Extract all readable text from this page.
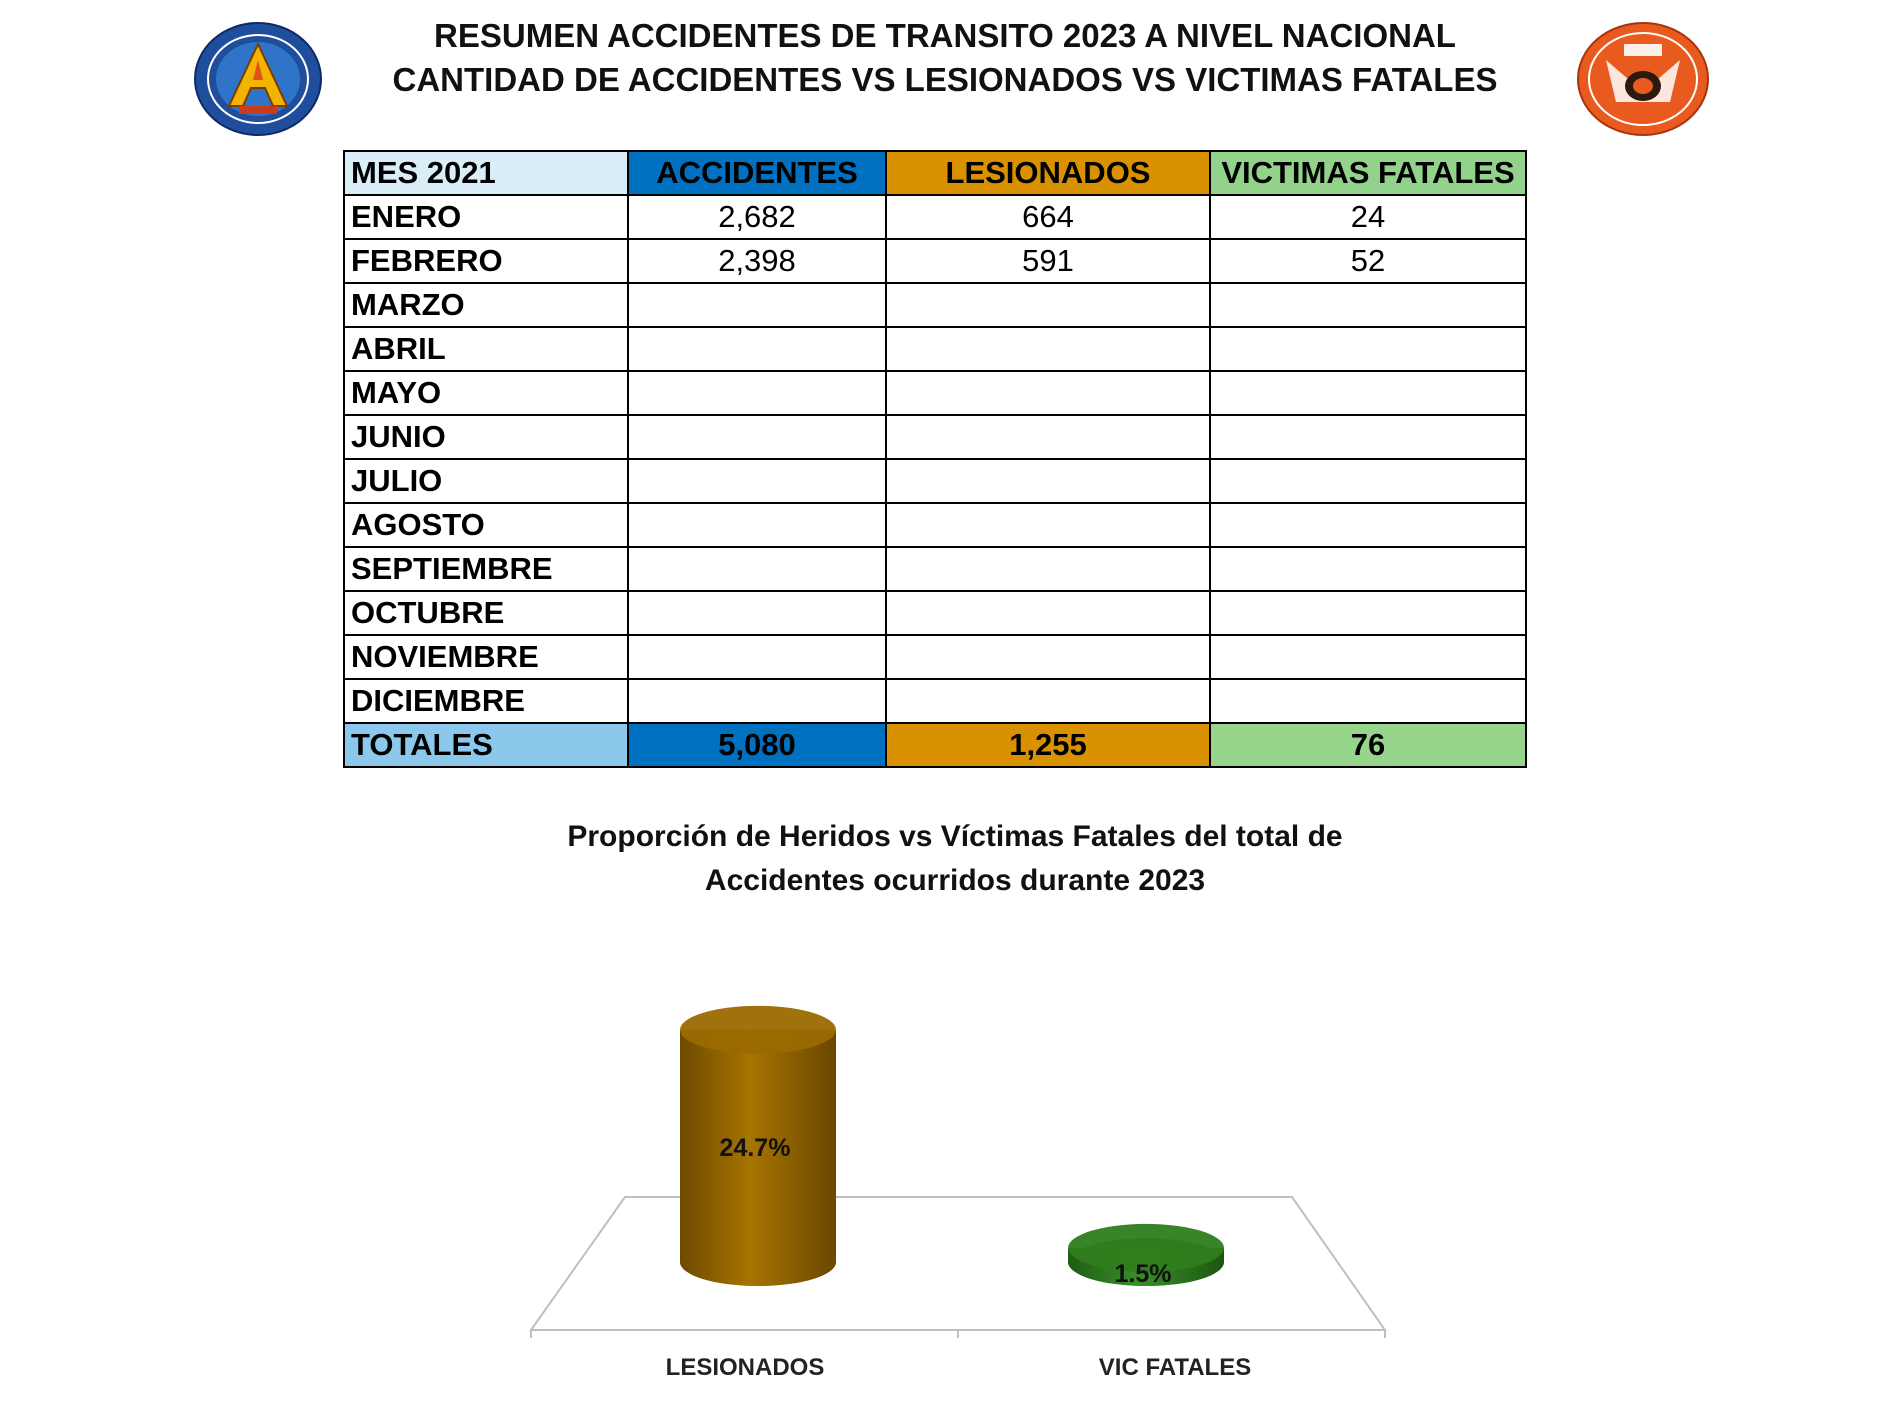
RESUMEN ACCIDENTES DE TRANSITO 2023 A NIVEL NACIONAL
CANTIDAD DE ACCIDENTES VS LESIONADOS VS VICTIMAS FATALES
MES 2021	ACCIDENTES	LESIONADOS	VICTIMAS FATALES
ENERO	2,682	664	24
FEBRERO	2,398	591	52
MARZO			
ABRIL			
MAYO			
JUNIO			
JULIO			
AGOSTO			
SEPTIEMBRE			
OCTUBRE			
NOVIEMBRE			
DICIEMBRE			
TOTALES	5,080	1,255	76
Proporción de Heridos vs Víctimas Fatales del total de
Accidentes ocurridos durante 2023
24.7%
LESIONADOS
1.5%
VIC FATALES
